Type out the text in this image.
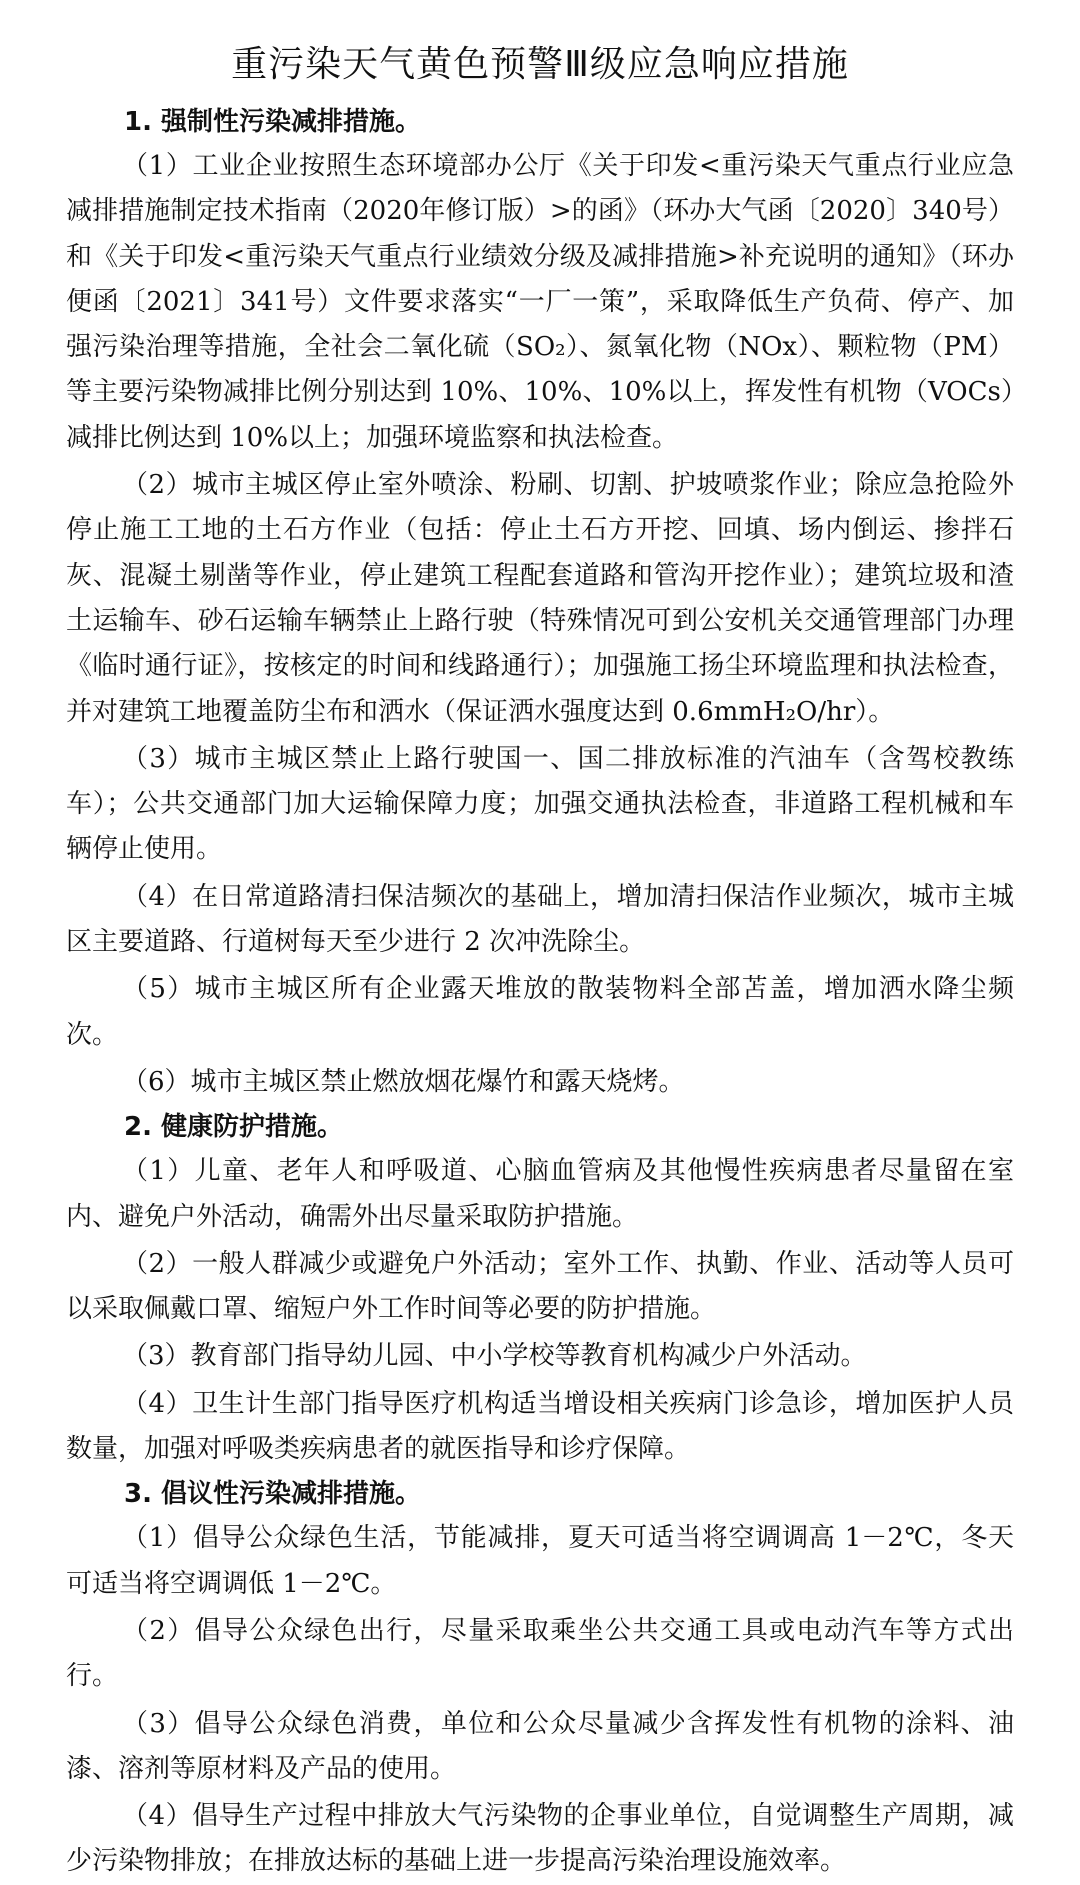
重污染天气黄色预警Ⅲ级应急响应措施
1. 强制性污染减排措施。

（1）工业企业按照生态环境部办公厅《关于印发<重污染天气重点行业应急减排措施制定技术指南（2020年修订版）>的函》（环办大气函〔2020〕340号）和《关于印发<重污染天气重点行业绩效分级及减排措施>补充说明的通知》（环办便函〔2021〕341号）文件要求落实“一厂一策”，采取降低生产负荷、停产、加强污染治理等措施，全社会二氧化硫（SO₂）、氮氧化物（NOx）、颗粒物（PM）等主要污染物减排比例分别达到 10%、10%、10%以上，挥发性有机物（VOCs）减排比例达到 10%以上；加强环境监察和执法检查。

（2）城市主城区停止室外喷涂、粉刷、切割、护坡喷浆作业；除应急抢险外停止施工工地的土石方作业（包括：停止土石方开挖、回填、场内倒运、掺拌石灰、混凝土剔凿等作业，停止建筑工程配套道路和管沟开挖作业）；建筑垃圾和渣土运输车、砂石运输车辆禁止上路行驶（特殊情况可到公安机关交通管理部门办理《临时通行证》，按核定的时间和线路通行）；加强施工扬尘环境监理和执法检查，并对建筑工地覆盖防尘布和洒水（保证洒水强度达到 0.6mmH₂O/hr）。

（3）城市主城区禁止上路行驶国一、国二排放标准的汽油车（含驾校教练车）；公共交通部门加大运输保障力度；加强交通执法检查，非道路工程机械和车辆停止使用。

（4）在日常道路清扫保洁频次的基础上，增加清扫保洁作业频次，城市主城区主要道路、行道树每天至少进行 2 次冲洗除尘。

（5）城市主城区所有企业露天堆放的散装物料全部苫盖，增加洒水降尘频次。

（6）城市主城区禁止燃放烟花爆竹和露天烧烤。

2. 健康防护措施。

（1）儿童、老年人和呼吸道、心脑血管病及其他慢性疾病患者尽量留在室内、避免户外活动，确需外出尽量采取防护措施。

（2）一般人群减少或避免户外活动；室外工作、执勤、作业、活动等人员可以采取佩戴口罩、缩短户外工作时间等必要的防护措施。

（3）教育部门指导幼儿园、中小学校等教育机构减少户外活动。

（4）卫生计生部门指导医疗机构适当增设相关疾病门诊急诊，增加医护人员数量，加强对呼吸类疾病患者的就医指导和诊疗保障。

3. 倡议性污染减排措施。

（1）倡导公众绿色生活，节能减排，夏天可适当将空调调高 1－2℃，冬天可适当将空调调低 1－2℃。

（2）倡导公众绿色出行，尽量采取乘坐公共交通工具或电动汽车等方式出行。

（3）倡导公众绿色消费，单位和公众尽量减少含挥发性有机物的涂料、油漆、溶剂等原材料及产品的使用。

（4）倡导生产过程中排放大气污染物的企事业单位，自觉调整生产周期，减少污染物排放；在排放达标的基础上进一步提高污染治理设施效率。
